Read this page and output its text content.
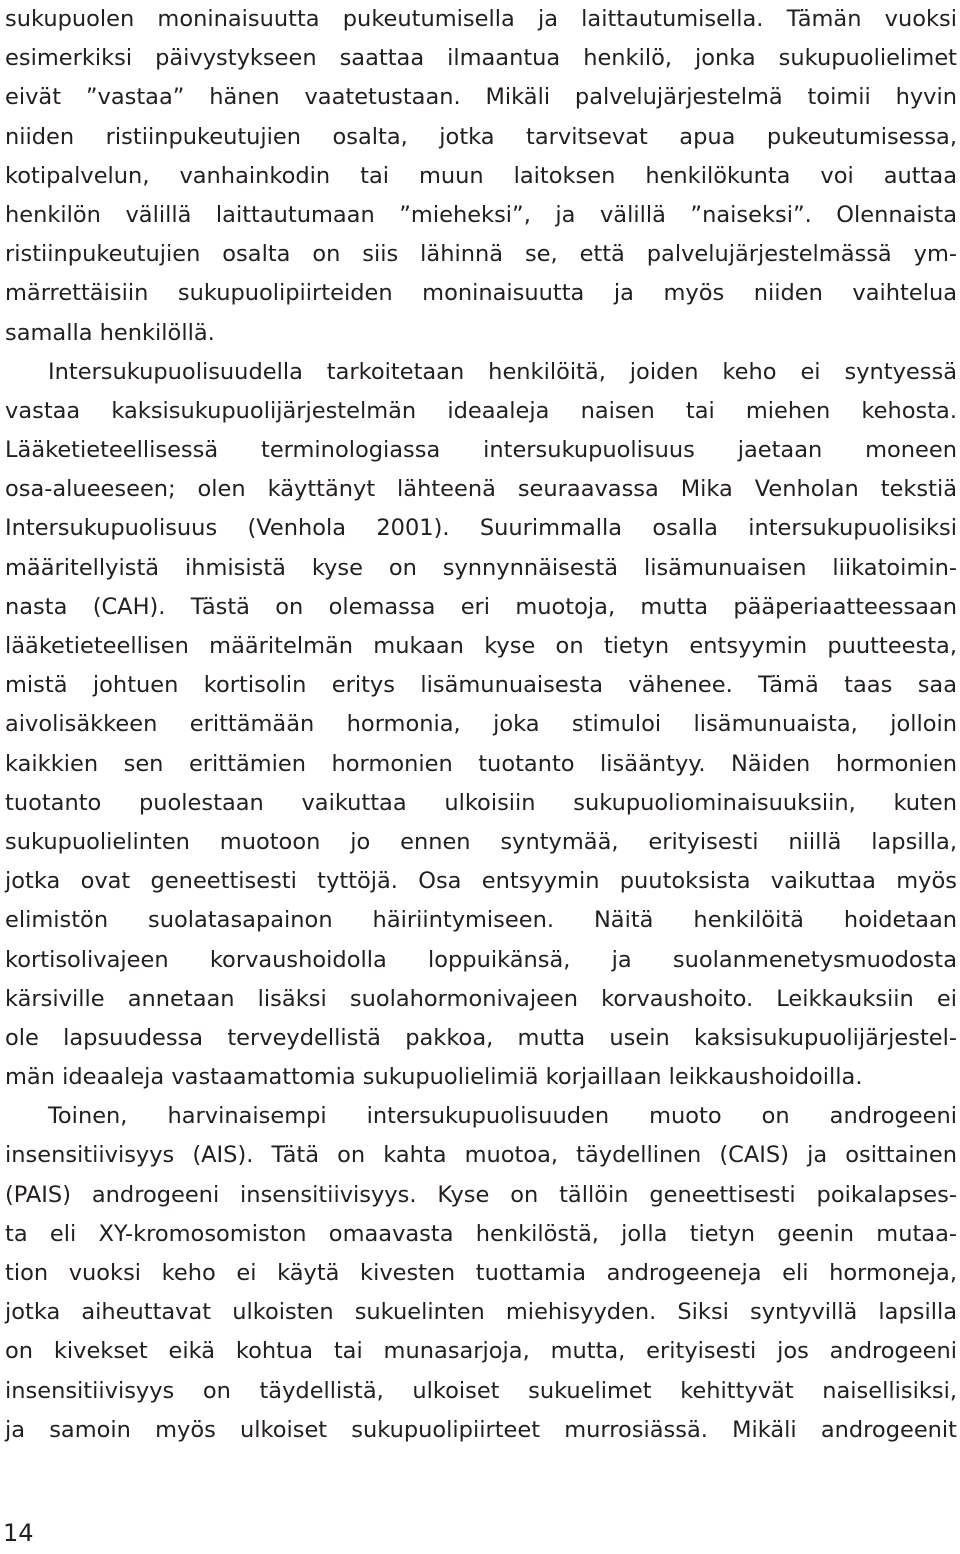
sukupuolen moninaisuutta pukeutumisella ja laittautumisella. Tämän vuoksi
esimerkiksi päivystykseen saattaa ilmaantua henkilö, jonka sukupuolielimet
eivät ”vastaa” hänen vaatetustaan. Mikäli palvelujärjestelmä toimii hyvin
niiden ristiinpukeutujien osalta, jotka tarvitsevat apua pukeutumisessa,
kotipalvelun, vanhainkodin tai muun laitoksen henkilökunta voi auttaa
henkilön välillä laittautumaan ”mieheksi”, ja välillä ”naiseksi”. Olennaista
ristiinpukeutujien osalta on siis lähinnä se, että palvelujärjestelmässä ym-
märrettäisiin sukupuolipiirteiden moninaisuutta ja myös niiden vaihtelua
samalla henkilöllä.
Intersukupuolisuudella tarkoitetaan henkilöitä, joiden keho ei syntyessä
vastaa kaksisukupuolijärjestelmän ideaaleja naisen tai miehen kehosta.
Lääketieteellisessä terminologiassa intersukupuolisuus jaetaan moneen
osa-alueeseen; olen käyttänyt lähteenä seuraavassa Mika Venholan tekstiä
Intersukupuolisuus (Venhola 2001). Suurimmalla osalla intersukupuolisiksi
määritellyistä ihmisistä kyse on synnynnäisestä lisämunuaisen liikatoimin-
nasta (CAH). Tästä on olemassa eri muotoja, mutta pääperiaatteessaan
lääketieteellisen määritelmän mukaan kyse on tietyn entsyymin puutteesta,
mistä johtuen kortisolin eritys lisämunuaisesta vähenee. Tämä taas saa
aivolisäkkeen erittämään hormonia, joka stimuloi lisämunuaista, jolloin
kaikkien sen erittämien hormonien tuotanto lisääntyy. Näiden hormonien
tuotanto puolestaan vaikuttaa ulkoisiin sukupuoliominaisuuksiin, kuten
sukupuolielinten muotoon jo ennen syntymää, erityisesti niillä lapsilla,
jotka ovat geneettisesti tyttöjä. Osa entsyymin puutoksista vaikuttaa myös
elimistön suolatasapainon häiriintymiseen. Näitä henkilöitä hoidetaan
kortisolivajeen korvaushoidolla loppuikänsä, ja suolanmenetysmuodosta
kärsiville annetaan lisäksi suolahormonivajeen korvaushoito. Leikkauksiin ei
ole lapsuudessa terveydellistä pakkoa, mutta usein kaksisukupuolijärjestel-
män ideaaleja vastaamattomia sukupuolielimiä korjaillaan leikkaushoidoilla.
Toinen, harvinaisempi intersukupuolisuuden muoto on androgeeni
insensitiivisyys (AIS). Tätä on kahta muotoa, täydellinen (CAIS) ja osittainen
(PAIS) androgeeni insensitiivisyys. Kyse on tällöin geneettisesti poikalapses-
ta eli XY-kromosomiston omaavasta henkilöstä, jolla tietyn geenin mutaa-
tion vuoksi keho ei käytä kivesten tuottamia androgeeneja eli hormoneja,
jotka aiheuttavat ulkoisten sukuelinten miehisyyden. Siksi syntyvillä lapsilla
on kivekset eikä kohtua tai munasarjoja, mutta, erityisesti jos androgeeni
insensitiivisyys on täydellistä, ulkoiset sukuelimet kehittyvät naisellisiksi,
ja samoin myös ulkoiset sukupuolipiirteet murrosiässä. Mikäli androgeenit
14
